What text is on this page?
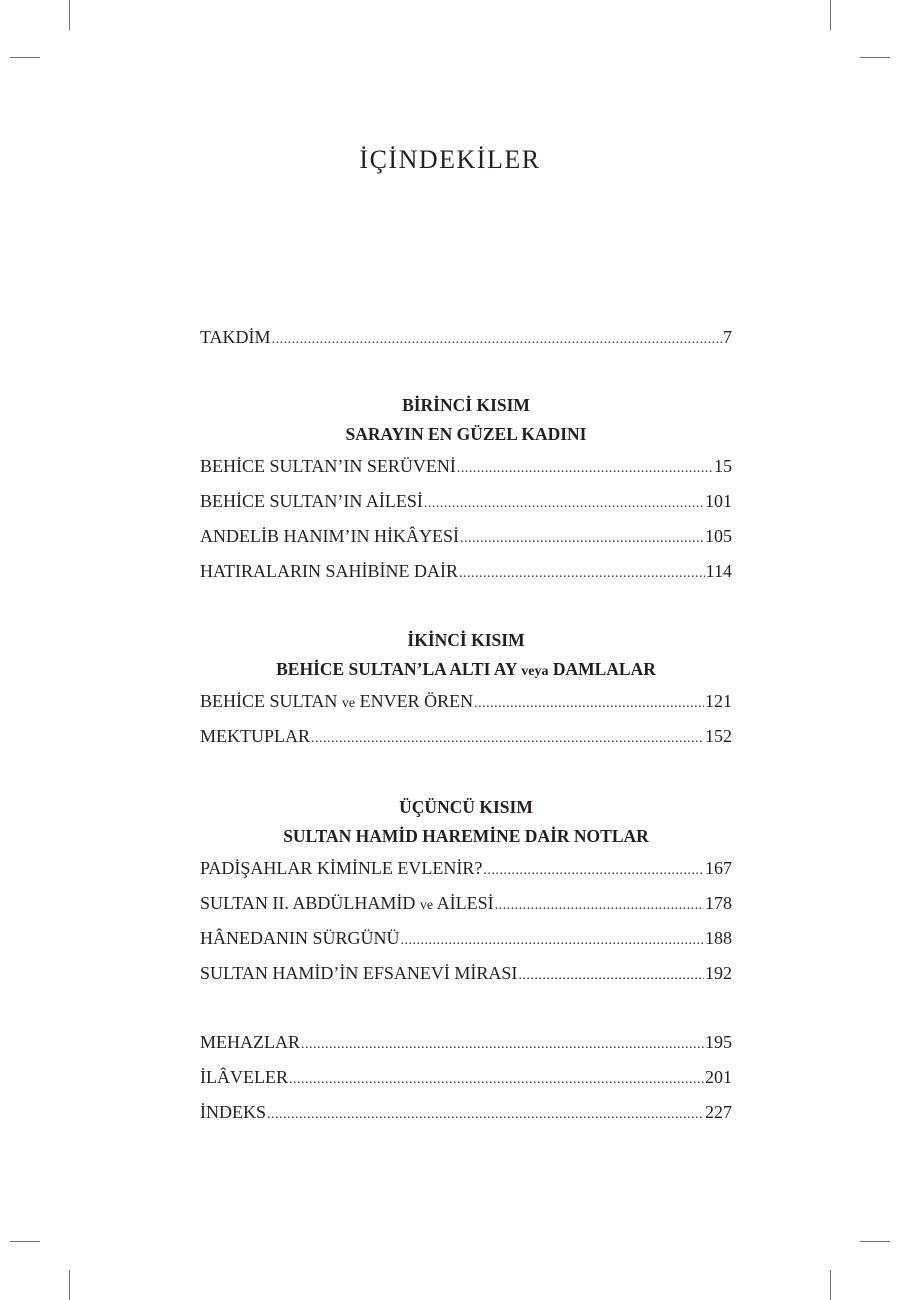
İÇİNDEKİLER
TAKDİM .....	7
BİRİNCİ KISIM
SARAYIN EN GÜZEL KADINI
BEHİCE SULTAN’IN SERÜVENİ .....	15
BEHİCE SULTAN’IN AİLESİ .....	101
ANDELİB HANIM’IN HİKÂYESİ .....	105
HATIRALARIN SAHİBİNE DAİR .....	114
İKİNCİ KISIM
BEHİCE SULTAN’LA ALTI AY veya DAMLALAR
BEHİCE SULTAN ve ENVER ÖREN .....	121
MEKTUPLAR .....	152
ÜÇÜNCÜ KISIM
SULTAN HAMİD HAREMİNE DAİR NOTLAR
PADİŞAHLAR KİMİNLE EVLENİR? .....	167
SULTAN II. ABDÜLHAMİD ve AİLESİ .....	178
HÂNEDANIN SÜRGÜNÜ .....	188
SULTAN HAMİD’İN EFSANEVİ MİRASI .....	192
MEHAZLAR .....	195
İLÂVELER .....	201
İNDEKS .....	227
